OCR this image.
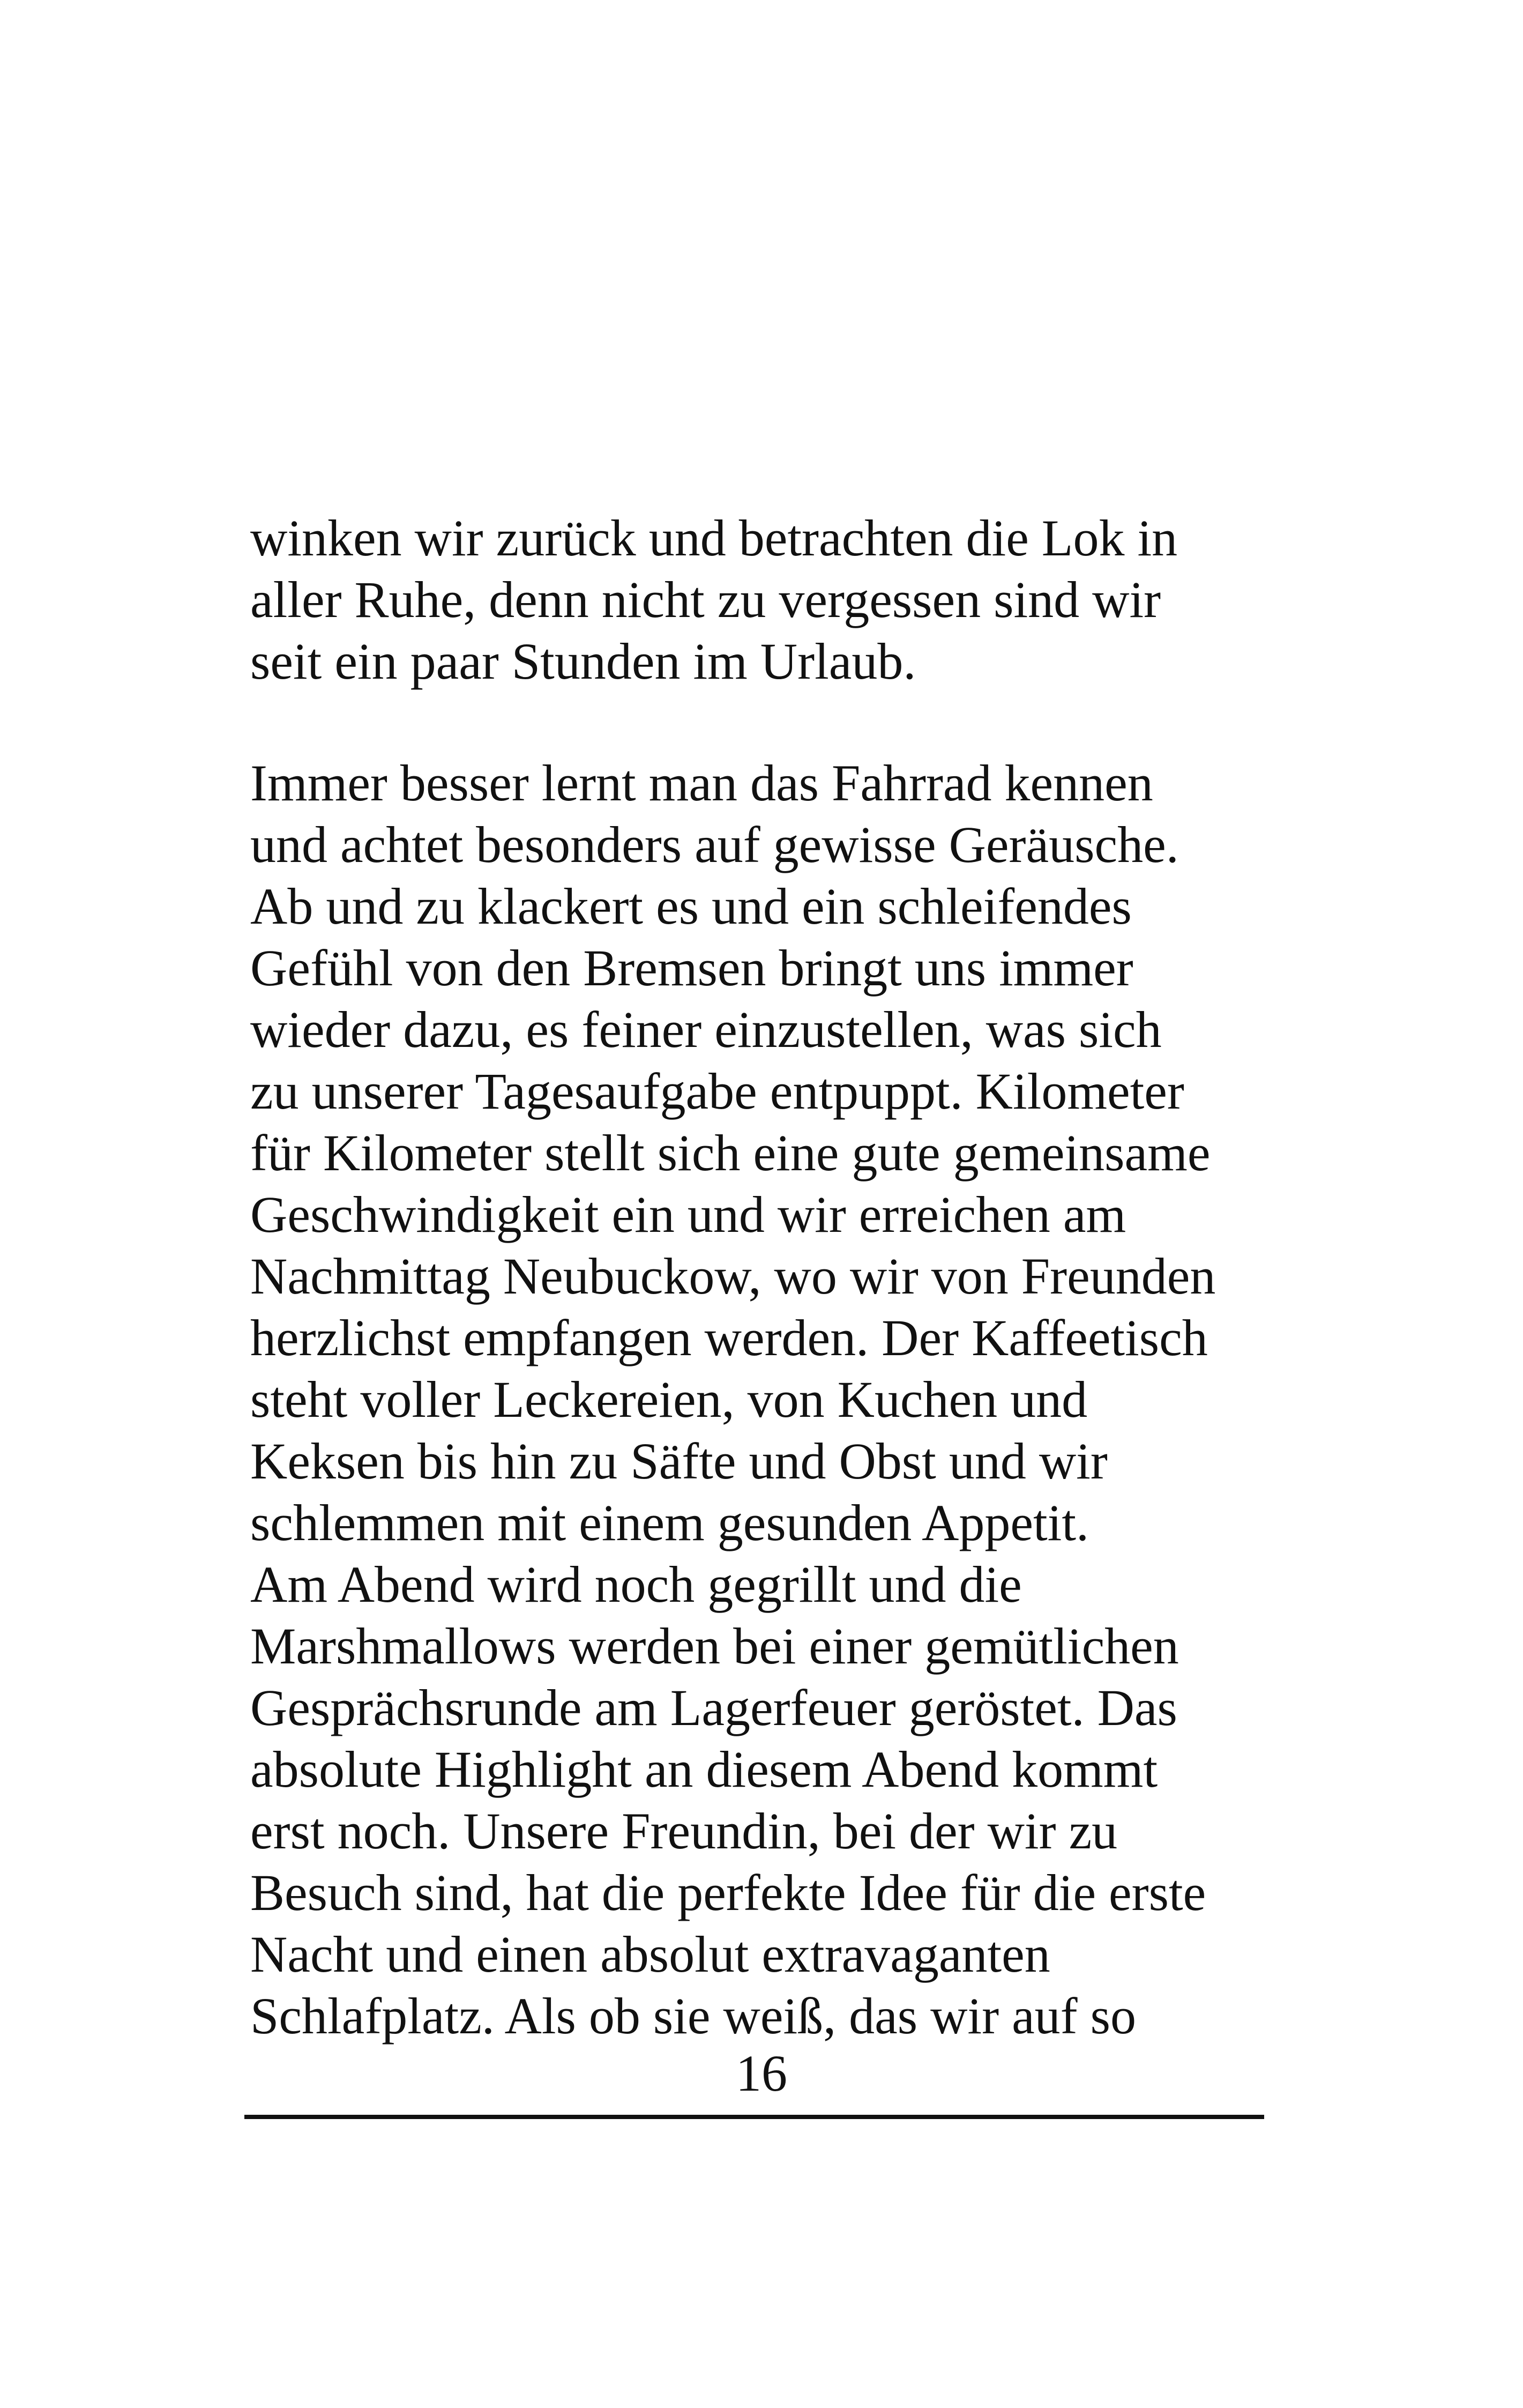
winken wir zurück und betrachten die Lok in
aller Ruhe, denn nicht zu vergessen sind wir
seit ein paar Stunden im Urlaub.
Immer besser lernt man das Fahrrad kennen
und achtet besonders auf gewisse Geräusche.
Ab und zu klackert es und ein schleifendes
Gefühl von den Bremsen bringt uns immer
wieder dazu, es feiner einzustellen, was sich
zu unserer Tagesaufgabe entpuppt. Kilometer
für Kilometer stellt sich eine gute gemeinsame
Geschwindigkeit ein und wir erreichen am
Nachmittag Neubuckow, wo wir von Freunden
herzlichst empfangen werden. Der Kaffeetisch
steht voller Leckereien, von Kuchen und
Keksen bis hin zu Säfte und Obst und wir
schlemmen mit einem gesunden Appetit.
Am Abend wird noch gegrillt und die
Marshmallows werden bei einer gemütlichen
Gesprächsrunde am Lagerfeuer geröstet. Das
absolute Highlight an diesem Abend kommt
erst noch. Unsere Freundin, bei der wir zu
Besuch sind, hat die perfekte Idee für die erste
Nacht und einen absolut extravaganten
Schlafplatz. Als ob sie weiß, das wir auf so
16
